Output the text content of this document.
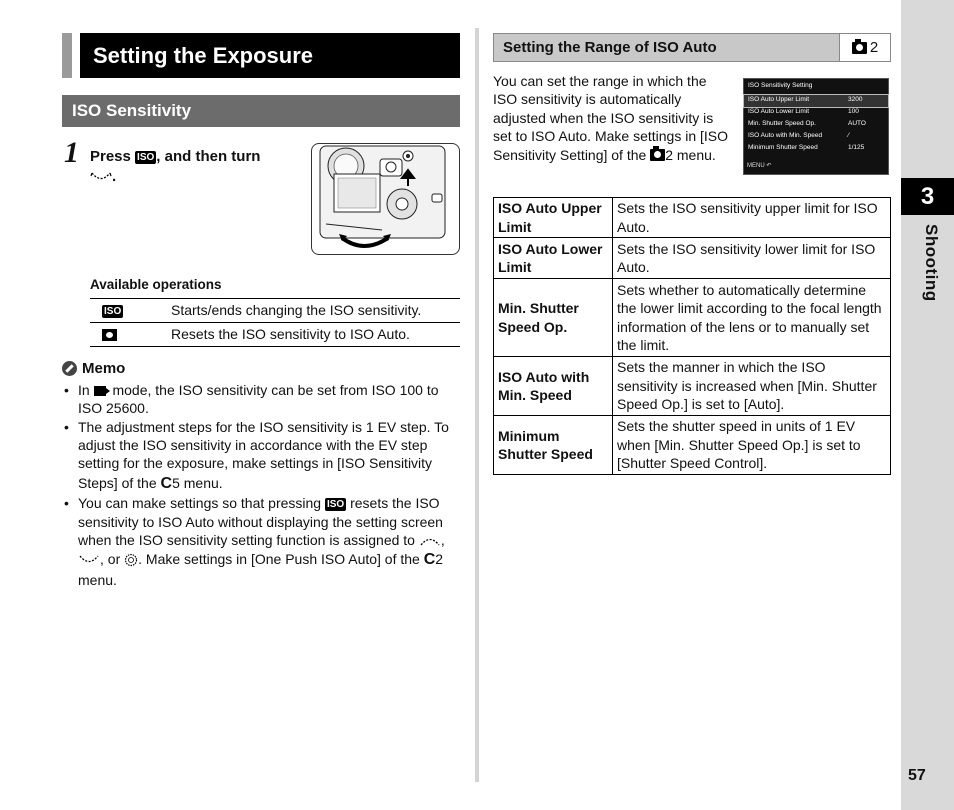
Setting the Exposure
ISO Sensitivity
1 Press ISO , and then turn
.
Available operations
ISO	Starts/ends changing the ISO sensitivity.
	Resets the ISO sensitivity to ISO Auto.
Memo
• In  mode, the ISO sensitivity can be set from ISO 100 to ISO 25600.
• The adjustment steps for the ISO sensitivity is 1 EV step. To adjust the ISO sensitivity in accordance with the EV step setting for the exposure, make settings in [ISO Sensitivity Steps] of the C5 menu.
• You can make settings so that pressing ISO resets the ISO sensitivity to ISO Auto without displaying the setting screen when the ISO sensitivity setting function is assigned to ,
, or . Make settings in [One Push ISO Auto] of the C2
menu.
Setting the Range of ISO Auto	2
You can set the range in which the ISO sensitivity is automatically adjusted when the ISO sensitivity is set to ISO Auto. Make settings in [ISO Sensitivity Setting] of the 2 menu.
ISO Sensitivity Setting
ISO Auto Upper Limit	3200
ISO Auto Lower Limit	100
Min. Shutter Speed Op.	AUTO
ISO Auto with Min. Speed	⁄
Minimum Shutter Speed	1/125
MENU ↶
ISO Auto Upper Limit	Sets the ISO sensitivity upper limit for ISO Auto.
ISO Auto Lower Limit	Sets the ISO sensitivity lower limit for ISO Auto.
Min. Shutter Speed Op.	Sets whether to automatically determine the lower limit according to the focal length information of the lens or to manually set the limit.
ISO Auto with Min. Speed	Sets the manner in which the ISO sensitivity is increased when [Min. Shutter Speed Op.] is set to [Auto].
Minimum Shutter Speed	Sets the shutter speed in units of 1 EV when [Min. Shutter Speed Op.] is set to [Shutter Speed Control].
3
Shooting
57
